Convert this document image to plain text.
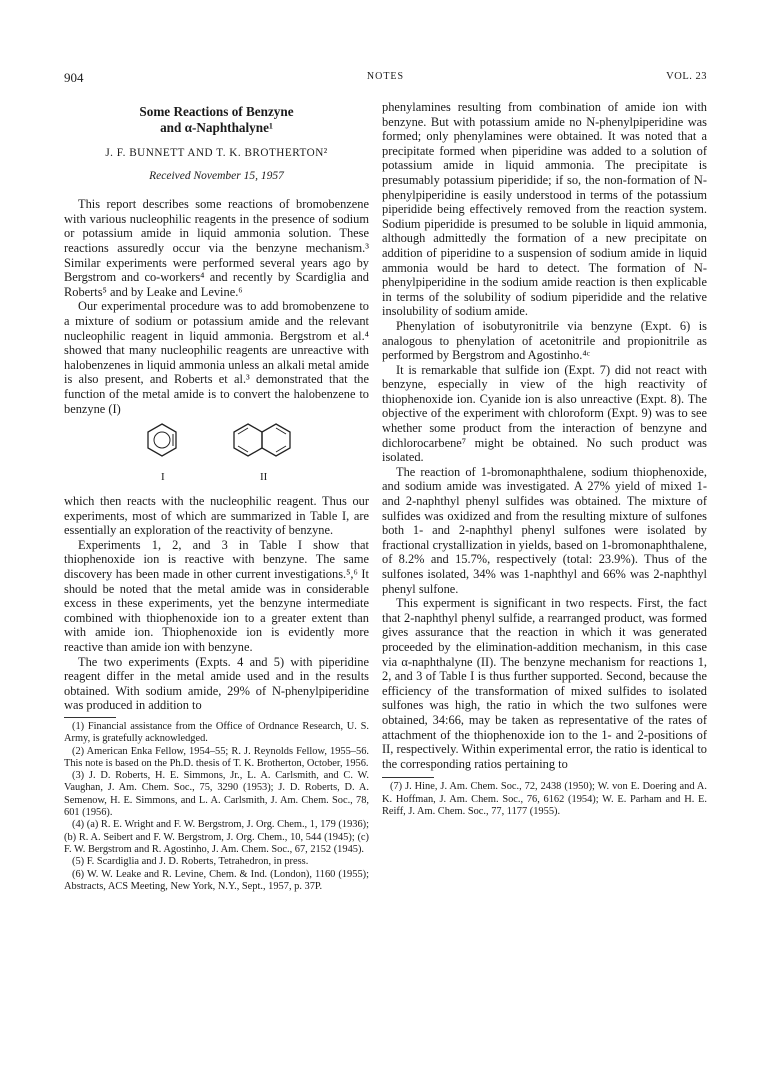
904	NOTES	VOL. 23
Some Reactions of Benzyne
and α-Naphthalyne¹
J. F. BUNNETT AND T. K. BROTHERTON²
Received November 15, 1957

This report describes some reactions of bromobenzene with various nucleophilic reagents in the presence of sodium or potassium amide in liquid ammonia solution. These reactions assuredly occur via the benzyne mechanism.³ Similar experiments were performed several years ago by Bergstrom and co-workers⁴ and recently by Scardiglia and Roberts⁵ and by Leake and Levine.⁶

Our experimental procedure was to add bromobenzene to a mixture of sodium or potassium amide and the relevant nucleophilic reagent in liquid ammonia. Bergstrom et al.⁴ showed that many nucleophilic reagents are unreactive with halobenzenes in liquid ammonia unless an alkali metal amide is also present, and Roberts et al.³ demonstrated that the function of the metal amide is to convert the halobenzene to benzyne (I)

I	II

which then reacts with the nucleophilic reagent. Thus our experiments, most of which are summarized in Table I, are essentially an exploration of the reactivity of benzyne.

Experiments 1, 2, and 3 in Table I show that thiophenoxide ion is reactive with benzyne. The same discovery has been made in other current investigations.⁵,⁶ It should be noted that the metal amide was in considerable excess in these experiments, yet the benzyne intermediate combined with thiophenoxide ion to a greater extent than with amide ion. Thiophenoxide ion is evidently more reactive than amide ion with benzyne.

The two experiments (Expts. 4 and 5) with piperidine reagent differ in the metal amide used and in the results obtained. With sodium amide, 29% of N-phenylpiperidine was produced in addition to

(1) Financial assistance from the Office of Ordnance Research, U. S. Army, is gratefully acknowledged.

(2) American Enka Fellow, 1954–55; R. J. Reynolds Fellow, 1955–56. This note is based on the Ph.D. thesis of T. K. Brotherton, October, 1956.

(3) J. D. Roberts, H. E. Simmons, Jr., L. A. Carlsmith, and C. W. Vaughan, J. Am. Chem. Soc., 75, 3290 (1953); J. D. Roberts, D. A. Semenow, H. E. Simmons, and L. A. Carlsmith, J. Am. Chem. Soc., 78, 601 (1956).

(4) (a) R. E. Wright and F. W. Bergstrom, J. Org. Chem., 1, 179 (1936); (b) R. A. Seibert and F. W. Bergstrom, J. Org. Chem., 10, 544 (1945); (c) F. W. Bergstrom and R. Agostinho, J. Am. Chem. Soc., 67, 2152 (1945).

(5) F. Scardiglia and J. D. Roberts, Tetrahedron, in press.

(6) W. W. Leake and R. Levine, Chem. & Ind. (London), 1160 (1955); Abstracts, ACS Meeting, New York, N.Y., Sept., 1957, p. 37P.

phenylamines resulting from combination of amide ion with benzyne. But with potassium amide no N-phenylpiperidine was formed; only phenylamines were obtained. It was noted that a precipitate formed when piperidine was added to a solution of potassium amide in liquid ammonia. The precipitate is presumably potassium piperidide; if so, the non-formation of N-phenylpiperidine is easily understood in terms of the potassium piperidide being effectively removed from the reaction system. Sodium piperidide is presumed to be soluble in liquid ammonia, although admittedly the formation of a new precipitate on addition of piperidine to a suspension of sodium amide in liquid ammonia would be hard to detect. The formation of N-phenylpiperidine in the sodium amide reaction is then explicable in terms of the solubility of sodium piperidide and the relative insolubility of sodium amide.

Phenylation of isobutyronitrile via benzyne (Expt. 6) is analogous to phenylation of acetonitrile and propionitrile as performed by Bergstrom and Agostinho.⁴ᶜ

It is remarkable that sulfide ion (Expt. 7) did not react with benzyne, especially in view of the high reactivity of thiophenoxide ion. Cyanide ion is also unreactive (Expt. 8). The objective of the experiment with chloroform (Expt. 9) was to see whether some product from the interaction of benzyne and dichlorocarbene⁷ might be obtained. No such product was isolated.

The reaction of 1-bromonaphthalene, sodium thiophenoxide, and sodium amide was investigated. A 27% yield of mixed 1- and 2-naphthyl phenyl sulfides was obtained. The mixture of sulfides was oxidized and from the resulting mixture of sulfones both 1- and 2-naphthyl phenyl sulfones were isolated by fractional crystallization in yields, based on 1-bromonaphthalene, of 8.2% and 15.7%, respectively (total: 23.9%). Thus of the sulfones isolated, 34% was 1-naphthyl and 66% was 2-naphthyl phenyl sulfone.

This experment is significant in two respects. First, the fact that 2-naphthyl phenyl sulfide, a rearranged product, was formed gives assurance that the reaction in which it was generated proceeded by the elimination-addition mechanism, in this case via α-naphthalyne (II). The benzyne mechanism for reactions 1, 2, and 3 of Table I is thus further supported. Second, because the efficiency of the transformation of mixed sulfides to isolated sulfones was high, the ratio in which the two sulfones were obtained, 34:66, may be taken as representative of the rates of attachment of the thiophenoxide ion to the 1- and 2-positions of II, respectively. Within experimental error, the ratio is identical to the corresponding ratios pertaining to

(7) J. Hine, J. Am. Chem. Soc., 72, 2438 (1950); W. von E. Doering and A. K. Hoffman, J. Am. Chem. Soc., 76, 6162 (1954); W. E. Parham and H. E. Reiff, J. Am. Chem. Soc., 77, 1177 (1955).
